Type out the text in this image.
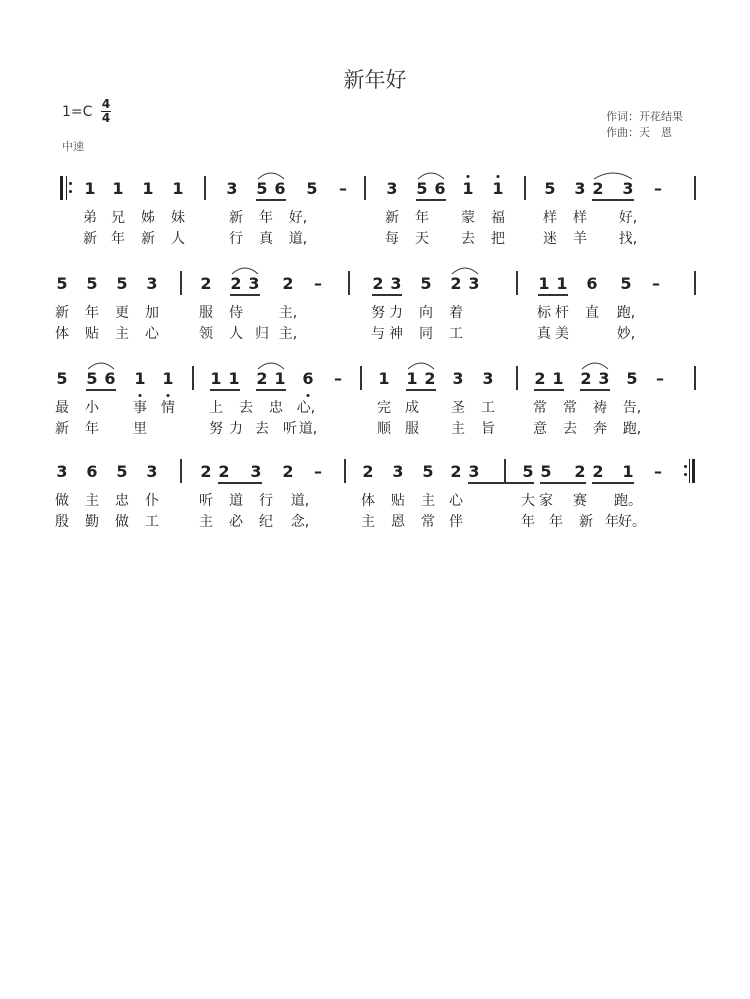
新年好
1=C 4
4
中速
作词：开花结果
作曲：天　恩
1 1 1 1	3 5 6 5 – 3 5 6 1 1	5 3 2 3 –
弟 兄 姊 妹	新 年 好,	新 年 蒙 福	样 样 好,
新 年 新 人	行 真 道,	每 天 去 把	迷 羊 找,
5 5 5 3	2 2 3 2 –	2 3 5 2 3	1 1 6 5 –
新 年 更 加	服 侍	主,	努 力 向 着	标 杆 直 跑,
体 贴 主 心	领 人 归 主,	与 神 同 工	真 美	妙,
5 5 6 1 1 1 1 2 1 6 – 1 1 2 3 3	2 1 2 3 5 –
最 小 事 情 上 去 忠 心,	完 成 圣 工	常 常 祷 告,
新 年 里	努 力 去 听 道,	顺 服 主 旨	意 去 奔 跑,
3 6 5 3	2 2 3 2 –	2 3 5 2 3	5 5 2 2 1 –
做 主 忠 仆	听 道 行 道,	体 贴 主 心	大 家 赛 跑。
殷 勤 做 工	主 必 纪 念,	主 恩 常 伴	年 年 新 年 好。
